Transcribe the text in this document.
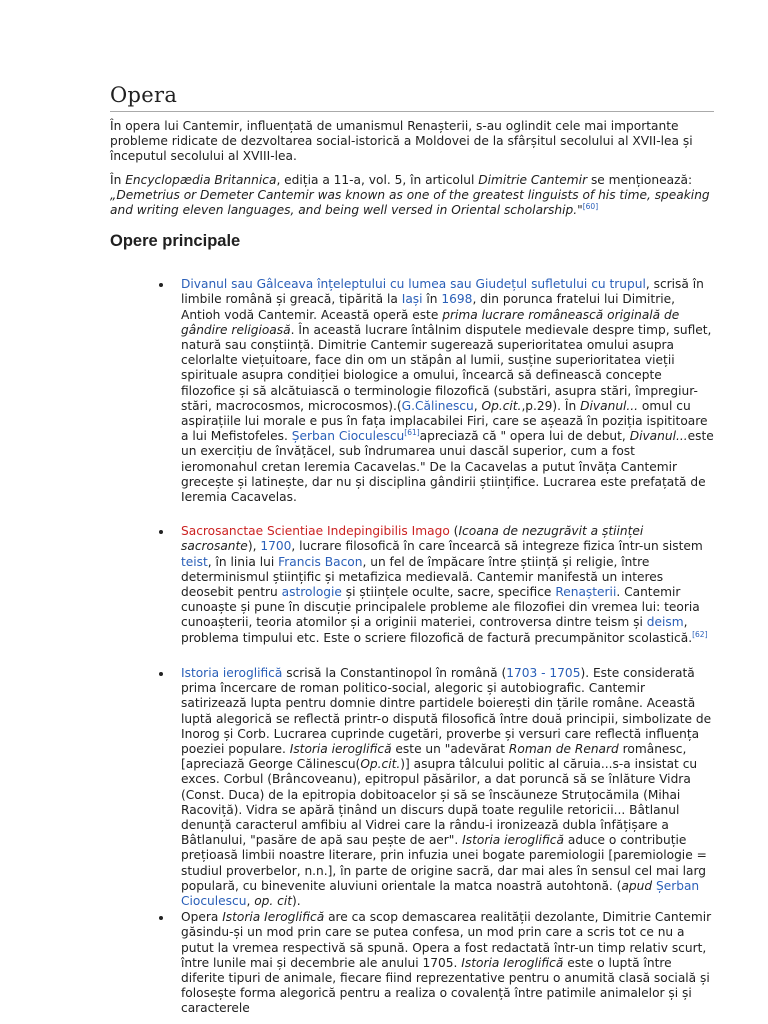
Opera

În opera lui Cantemir, influențată de umanismul Renașterii, s-au oglindit cele mai importante probleme ridicate de dezvoltarea social-istorică a Moldovei de la sfârșitul secolului al XVII-lea și începutul secolului al XVIII-lea.

În Encyclopædia Britannica, ediția a 11-a, vol. 5, în articolul Dimitrie Cantemir se menționează: „Demetrius or Demeter Cantemir was known as one of the greatest linguists of his time, speaking and writing eleven languages, and being well versed in Oriental scholarship."[60]

Opere principale
Divanul sau Gâlceava înțeleptului cu lumea sau Giudețul sufletului cu trupul, scrisă în limbile română și greacă, tipărită la Iași în 1698, din porunca fratelui lui Dimitrie, Antioh vodă Cantemir. Această operă este prima lucrare românească originală de gândire religioasă. În această lucrare întâlnim disputele medievale despre timp, suflet, natură sau conștiință. Dimitrie Cantemir sugerează superioritatea omului asupra celorlalte viețuitoare, face din om un stăpân al lumii, susține superioritatea vieții spirituale asupra condiției biologice a omului, încearcă să definească concepte filozofice și să alcătuiască o terminologie filozofică (substări, asupra stări, împregiur-stări, macrocosmos, microcosmos).(G.Călinescu, Op.cit.,p.29). În Divanul... omul cu aspirațiile lui morale e pus în fața implacabilei Firi, care se așează în poziția ispititoare a lui Mefistofeles. Șerban Cioculescu[61]apreciază că " opera lui de debut, Divanul...este un exercițiu de învățăcel, sub îndrumarea unui dascăl superior, cum a fost ieromonahul cretan Ieremia Cacavelas." De la Cacavelas a putut învăța Cantemir grecește și latinește, dar nu și disciplina gândirii științifice. Lucrarea este prefațată de Ieremia Cacavelas.
Sacrosanctae Scientiae Indepingibilis Imago (Icoana de nezugrăvit a științei sacrosante), 1700, lucrare filosofică în care încearcă să integreze fizica într-un sistem teist, în linia lui Francis Bacon, un fel de împăcare între știință și religie, între determinismul științific și metafizica medievală. Cantemir manifestă un interes deosebit pentru astrologie și științele oculte, sacre, specifice Renașterii. Cantemir cunoaște și pune în discuție principalele probleme ale filozofiei din vremea lui: teoria cunoașterii, teoria atomilor și a originii materiei, controversa dintre teism și deism, problema timpului etc. Este o scriere filozofică de factură precumpănitor scolastică.[62]
Istoria ieroglifică scrisă la Constantinopol în română (1703 - 1705). Este considerată prima încercare de roman politico-social, alegoric și autobiografic. Cantemir satirizează lupta pentru domnie dintre partidele boierești din țările române. Această luptă alegorică se reflectă printr-o dispută filosofică între două principii, simbolizate de Inorog și Corb. Lucrarea cuprinde cugetări, proverbe și versuri care reflectă influența poeziei populare. Istoria ieroglifică este un "adevărat Roman de Renard românesc, [apreciază George Călinescu(Op.cit.)] asupra tâlcului politic al căruia...s-a insistat cu exces. Corbul (Brâncoveanu), epitropul păsărilor, a dat poruncă să se înlăture Vidra (Const. Duca) de la epitropia dobitoacelor și să se înscăuneze Struțocămila (Mihai Racoviță). Vidra se apără ținând un discurs după toate regulile retoricii... Bâtlanul denunță caracterul amfibiu al Vidrei care la rându-i ironizează dubla înfățișare a Bâtlanului, "pasăre de apă sau pește de aer". Istoria ieroglifică aduce o contribuție prețioasă limbii noastre literare, prin infuzia unei bogate paremiologii [paremiologie = studiul proverbelor, n.n.], în parte de origine sacră, dar mai ales în sensul cel mai larg populară, cu binevenite aluviuni orientale la matca noastră autohtonă. (apud Șerban Cioculescu, op. cit).
Opera Istoria Ieroglifică are ca scop demascarea realității dezolante, Dimitrie Cantemir găsindu-și un mod prin care se putea confesa, un mod prin care a scris tot ce nu a putut la vremea respectivă să spună. Opera a fost redactată într-un timp relativ scurt, între lunile mai și decembrie ale anului 1705. Istoria Ieroglifică este o luptă între diferite tipuri de animale, fiecare fiind reprezentative pentru o anumită clasă socială și folosește forma alegorică pentru a realiza o covalență între patimile animalelor și și caracterele
